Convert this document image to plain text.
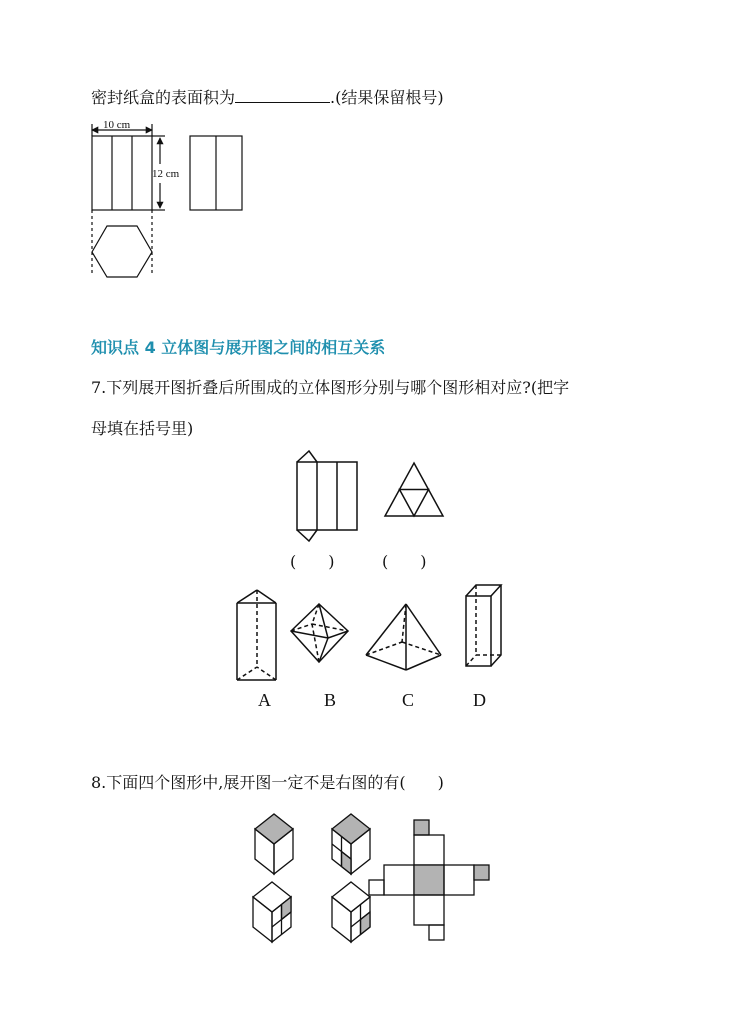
密封纸盒的表面积为	.(结果保留根号)
10 cm
12 cm
知识点 4 立体图与展开图之间的相互关系
7.下列展开图折叠后所围成的立体图形分别与哪个图形相对应?(把字
母填在括号里)
(　　)	(　　)
A	B	C	D
8.下面四个图形中,展开图一定不是右图的有(　　)
